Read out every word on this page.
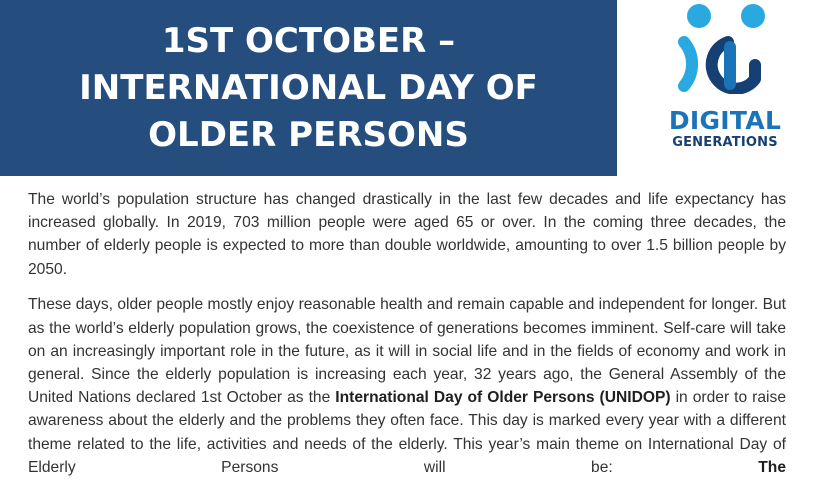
1ST OCTOBER –
INTERNATIONAL DAY OF
OLDER PERSONS	DIGITAL
GENERATIONS

The world’s population structure has changed drastically in the last few decades and life expectancy has increased globally. In 2019, 703 million people were aged 65 or over. In the coming three decades, the number of elderly people is expected to more than double worldwide, amounting to over 1.5 billion people by 2050.

These days, older people mostly enjoy reasonable health and remain capable and independent for longer. But as the world’s elderly population grows, the coexistence of generations becomes imminent. Self-care will take on an increasingly important role in the future, as it will in social life and in the fields of economy and work in general. Since the elderly population is increasing each year, 32 years ago, the General Assembly of the United Nations declared 1st October as the International Day of Older Persons (UNIDOP) in order to raise awareness about the elderly and the problems they often face. This day is marked every year with a different theme related to the life, activities and needs of the elderly. This year’s main theme on International Day of Elderly Persons will be: The
